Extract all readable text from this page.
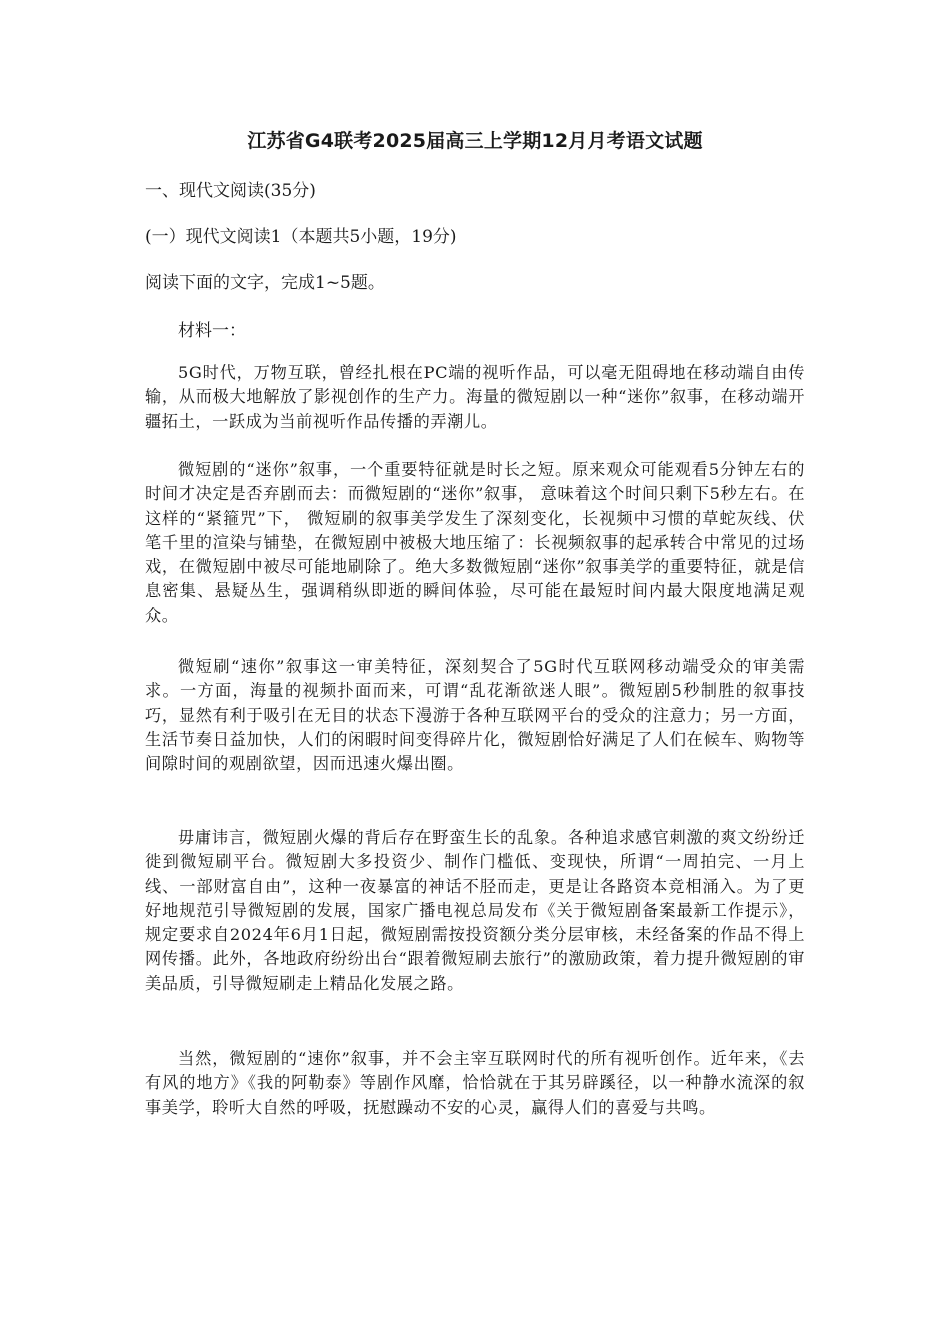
江苏省G4联考2025届高三上学期12月月考语文试题
一、现代文阅读(35分)
(一）现代文阅读1（本题共5小题，19分)
阅读下面的文字，完成1~5题。
材料一：
5G时代，万物互联，曾经扎根在PC端的视听作品，可以毫无阻碍地在移动端自由传输，从而极大地解放了影视创作的生产力。海量的微短剧以一种“迷你”叙事，在移动端开疆拓土，一跃成为当前视听作品传播的弄潮儿。
微短剧的“迷你”叙事，一个重要特征就是时长之短。原来观众可能观看5分钟左右的时间才决定是否弃剧而去：而微短剧的“迷你”叙事， 意味着这个时间只剩下5秒左右。在这样的“紧箍咒”下， 微短刷的叙事美学发生了深刻变化，长视频中习惯的草蛇灰线、伏笔千里的渲染与铺垫，在微短剧中被极大地压缩了：长视频叙事的起承转合中常见的过场戏，在微短剧中被尽可能地刷除了。绝大多数微短剧“迷你”叙事美学的重要特征，就是信息密集、悬疑丛生，强调稍纵即逝的瞬间体验，尽可能在最短时间内最大限度地满足观众。
微短刷“速你”叙事这一审美特征，深刻契合了5G时代互联网移动端受众的审美需求。一方面，海量的视频扑面而来，可谓“乱花渐欲迷人眼”。微短剧5秒制胜的叙事技巧，显然有利于吸引在无目的状态下漫游于各种互联网平台的受众的注意力；另一方面，生活节奏日益加快，人们的闲暇时间变得碎片化，微短剧恰好满足了人们在候车、购物等间隙时间的观剧欲望，因而迅速火爆出圈。
毋庸讳言，微短剧火爆的背后存在野蛮生长的乱象。各种追求感官刺激的爽文纷纷迁徙到微短刷平台。微短剧大多投资少、制作门槛低、变现快，所谓“一周拍完、一月上线、一部财富自由”，这种一夜暴富的神话不胫而走，更是让各路资本竞相涌入。为了更好地规范引导微短剧的发展，国家广播电视总局发布《关于微短剧备案最新工作提示》，规定要求自2024年6月1日起，微短剧需按投资额分类分层审核，未经备案的作品不得上网传播。此外，各地政府纷纷出台“跟着微短刷去旅行”的激励政策，着力提升微短剧的审美品质，引导微短刷走上精品化发展之路。
当然，微短剧的“速你”叙事，并不会主宰互联网时代的所有视听创作。近年来，《去有风的地方》《我的阿勒泰》等剧作风靡，恰恰就在于其另辟蹊径，以一种静水流深的叙事美学，聆听大自然的呼吸，抚慰躁动不安的心灵，赢得人们的喜爱与共鸣。
